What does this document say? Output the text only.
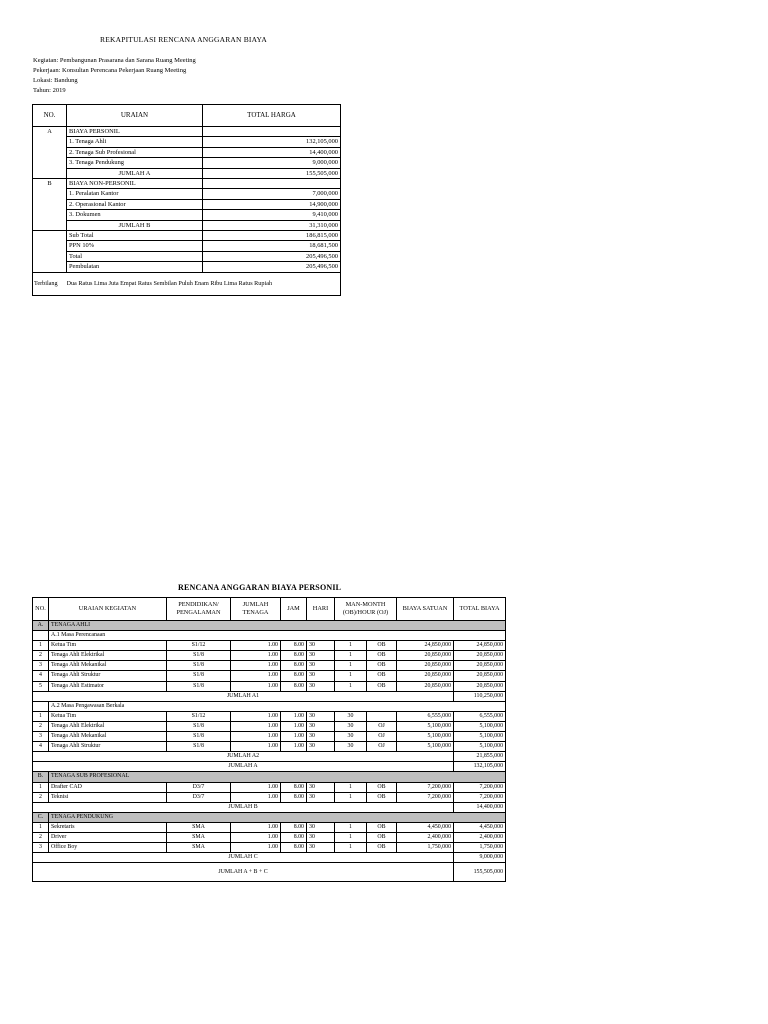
REKAPITULASI RENCANA ANGGARAN BIAYA
Kegiatan: Pembangunan Prasarana dan Sarana Ruang Meeting
Pekerjaan: Konsultan Perencana Pekerjaan Ruang Meeting
Lokasi: Bandung
Tahun: 2019
NO.	URAIAN	TOTAL HARGA
A	BIAYA PERSONIL	
	1. Tenaga Ahli	132,105,000
	2. Tenaga Sub Profesional	14,400,000
	3. Tenaga Pendukung	9,000,000
	JUMLAH A	155,505,000
B	BIAYA NON-PERSONIL	
	1. Peralatan Kantor	7,000,000
	2. Operasional Kantor	14,900,000
	3. Dokumen	9,410,000
	JUMLAH B	31,310,000
	Sub Total	186,815,000
	PPN 10%	18,681,500
	Total	205,496,500
	Pembulatan	205,496,500
Terbilang	Dua Ratus Lima Juta Empat Ratus Sembilan Puluh Enam Ribu Lima Ratus Rupiah	
RENCANA ANGGARAN BIAYA PERSONIL
NO.	URAIAN KEGIATAN	PENDIDIKAN/ PENGALAMAN	JUMLAH TENAGA	JAM	HARI	MAN-MONTH (OB)/HOUR (OJ)		BIAYA SATUAN	TOTAL BIAYA
A.	TENAGA AHLI								
	A.1 Masa Perencanaan								
1	Ketua Tim	S1/12	1.00	8.00	30	1	OB	24,850,000	24,850,000
2	Tenaga Ahli Elektrikal	S1/8	1.00	8.00	30	1	OB	20,850,000	20,850,000
3	Tenaga Ahli Mekanikal	S1/8	1.00	8.00	30	1	OB	20,850,000	20,850,000
4	Tenaga Ahli Struktur	S1/8	1.00	8.00	30	1	OB	20,850,000	20,850,000
5	Tenaga Ahli Estimator	S1/8	1.00	8.00	30	1	OB	20,850,000	20,850,000
JUMLAH A1									110,250,000
	A.2 Masa Pengawasan Berkala								
1	Ketua Tim	S1/12	1.00	1.00	30	30		6,555,000	6,555,000
2	Tenaga Ahli Elektrikal	S1/8	1.00	1.00	30	30	OJ	5,100,000	5,100,000
3	Tenaga Ahli Mekanikal	S1/8	1.00	1.00	30	30	OJ	5,100,000	5,100,000
4	Tenaga Ahli Struktur	S1/8	1.00	1.00	30	30	OJ	5,100,000	5,100,000
JUMLAH A2									21,855,000
JUMLAH A									132,105,000
B.	TENAGA SUB PROFESIONAL								
1	Drafter CAD	D3/7	1.00	8.00	30	1	OB	7,200,000	7,200,000
2	Teknisi	D3/7	1.00	8.00	30	1	OB	7,200,000	7,200,000
JUMLAH B									14,400,000
C.	TENAGA PENDUKUNG								
1	Sekretaris	SMA	1.00	8.00	30	1	OB	4,450,000	4,450,000
2	Driver	SMA	1.00	8.00	30	1	OB	2,400,000	2,400,000
3	Office Boy	SMA	1.00	8.00	30	1	OB	1,750,000	1,750,000
JUMLAH C									9,000,000
JUMLAH A + B + C									155,505,000
